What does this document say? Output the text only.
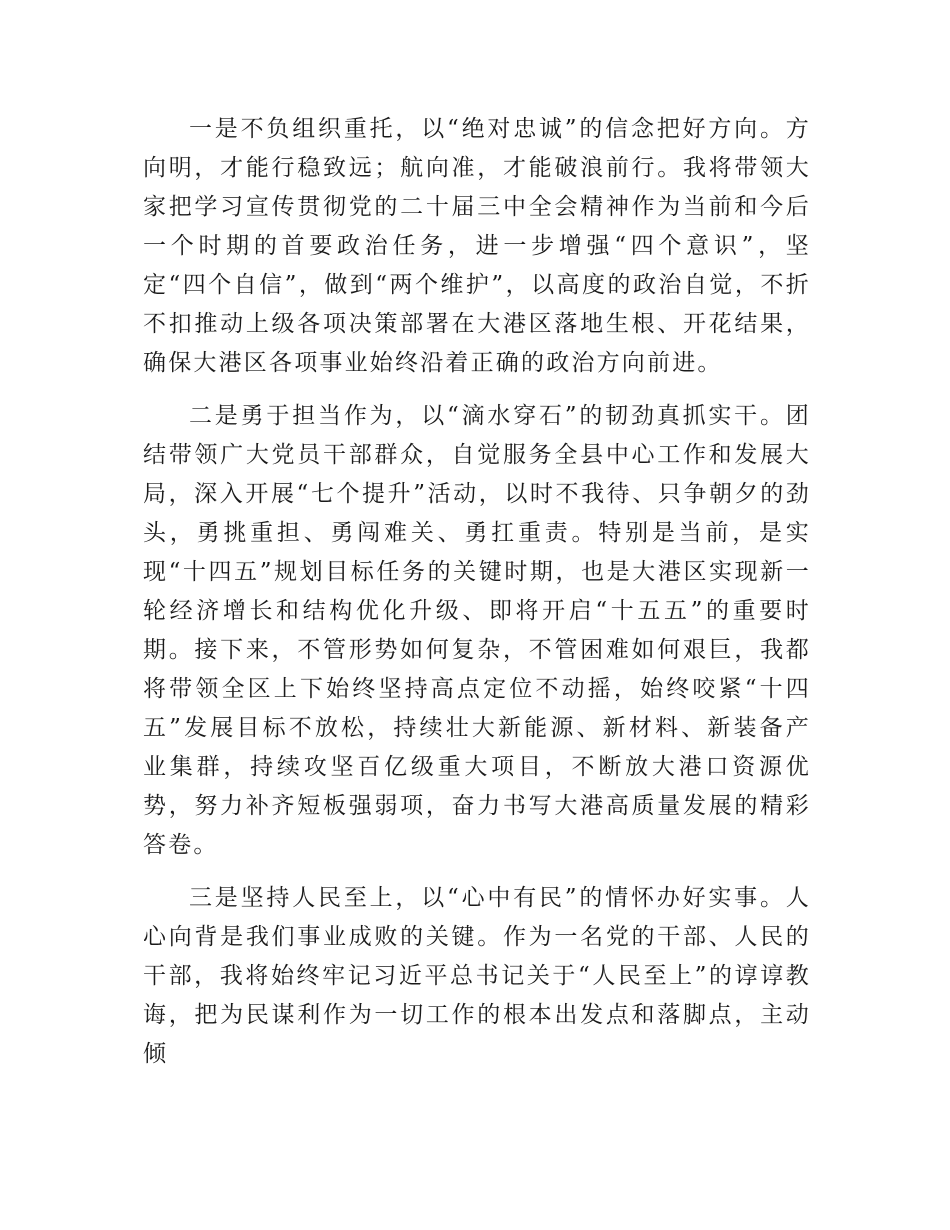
一是不负组织重托，以“绝对忠诚”的信念把好方向。方向明，才能行稳致远；航向准，才能破浪前行。我将带领大家把学习宣传贯彻党的二十届三中全会精神作为当前和今后一个时期的首要政治任务，进一步增强“四个意识”，坚定“四个自信”，做到“两个维护”，以高度的政治自觉，不折不扣推动上级各项决策部署在大港区落地生根、开花结果，确保大港区各项事业始终沿着正确的政治方向前进。

二是勇于担当作为，以“滴水穿石”的韧劲真抓实干。团结带领广大党员干部群众，自觉服务全县中心工作和发展大局，深入开展“七个提升”活动，以时不我待、只争朝夕的劲头，勇挑重担、勇闯难关、勇扛重责。特别是当前，是实现“十四五”规划目标任务的关键时期，也是大港区实现新一轮经济增长和结构优化升级、即将开启“十五五”的重要时期。接下来，不管形势如何复杂，不管困难如何艰巨，我都将带领全区上下始终坚持高点定位不动摇，始终咬紧“十四五”发展目标不放松，持续壮大新能源、新材料、新装备产业集群，持续攻坚百亿级重大项目，不断放大港口资源优势，努力补齐短板强弱项，奋力书写大港高质量发展的精彩答卷。

三是坚持人民至上，以“心中有民”的情怀办好实事。人心向背是我们事业成败的关键。作为一名党的干部、人民的干部，我将始终牢记习近平总书记关于“人民至上”的谆谆教诲，把为民谋利作为一切工作的根本出发点和落脚点，主动倾
